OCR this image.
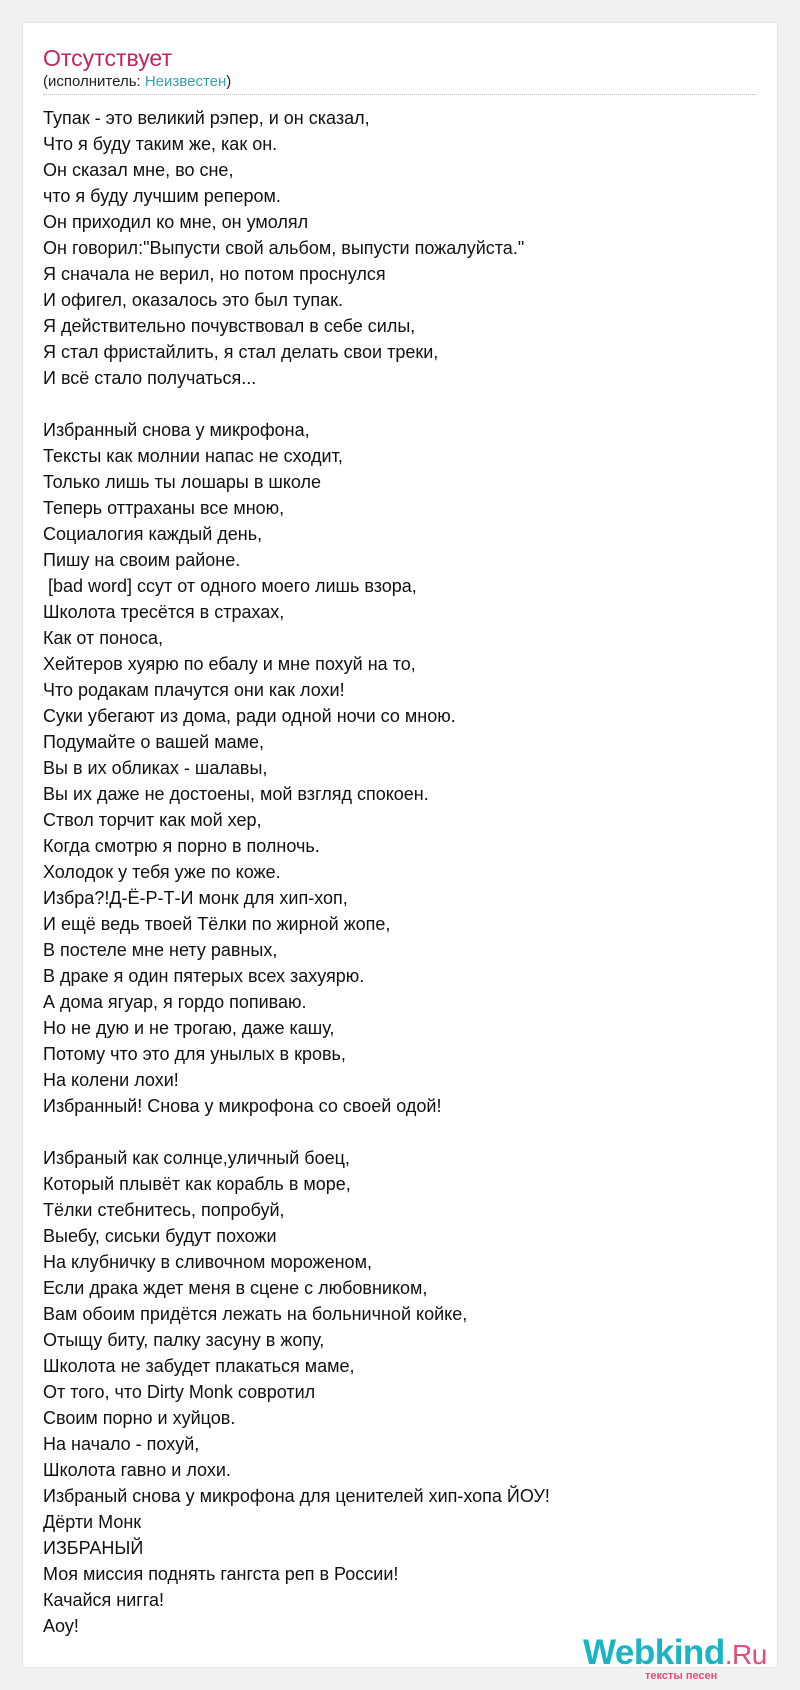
Отсутствует
(исполнитель: Неизвестен)
Тупак - это великий рэпер, и он сказал,
Что я буду таким же, как он.
Он сказал мне, во сне,
что я буду лучшим репером.
Он приходил ко мне, он умолял
Он говорил:"Выпусти свой альбом, выпусти пожалуйста."
Я сначала не верил, но потом проснулся
И офигел, оказалось это был тупак.
Я действительно почувствовал в себе силы,
Я стал фристайлить, я стал делать свои треки,
И всё стало получаться...
Избранный снова у микрофона,
Тексты как молнии напас не сходит,
Только лишь ты лошары в школе
Теперь оттраханы все мною,
Социалогия каждый день,
Пишу на своим районе.
[bad word] ссут от одного моего лишь взора,
Школота тресётся в страхах,
Как от поноса,
Хейтеров хуярю по ебалу и мне похуй на то,
Что родакам плачутся они как лохи!
Суки убегают из дома, ради одной ночи со мною.
Подумайте о вашей маме,
Вы в их обликах - шалавы,
Вы их даже не достоены, мой взгляд спокоен.
Ствол торчит как мой хер,
Когда смотрю я порно в полночь.
Холодок у тебя уже по коже.
Избра?!Д-Ё-Р-Т-И монк для хип-хоп,
И ещё ведь твоей Тёлки по жирной жопе,
В постеле мне нету равных,
В драке я один пятерых всех захуярю.
А дома ягуар, я гордо попиваю.
Но не дую и не трогаю, даже кашу,
Потому что это для унылых в кровь,
На колени лохи!
Избранный! Снова у микрофона со своей одой!
Избраный как солнце,уличный боец,
Который плывёт как корабль в море,
Тёлки стебнитесь, попробуй,
Выебу, сиськи будут похожи
На клубничку в сливочном мороженом,
Если драка ждет меня в сцене с любовником,
Вам обоим придётся лежать на больничной койке,
Отыщу биту, палку засуну в жопу,
Школота не забудет плакаться маме,
От того, что Dirty Monk совротил
Своим порно и хуйцов.
На начало - похуй,
Школота гавно и лохи.
Избраный снова у микрофона для ценителей хип-хопа ЙОУ!
Дёрти Монк
ИЗБРАНЫЙ
Моя миссия поднять гангста реп в России!
Качайся нигга!
Аоу!
Webkind.Ru
тексты песен
